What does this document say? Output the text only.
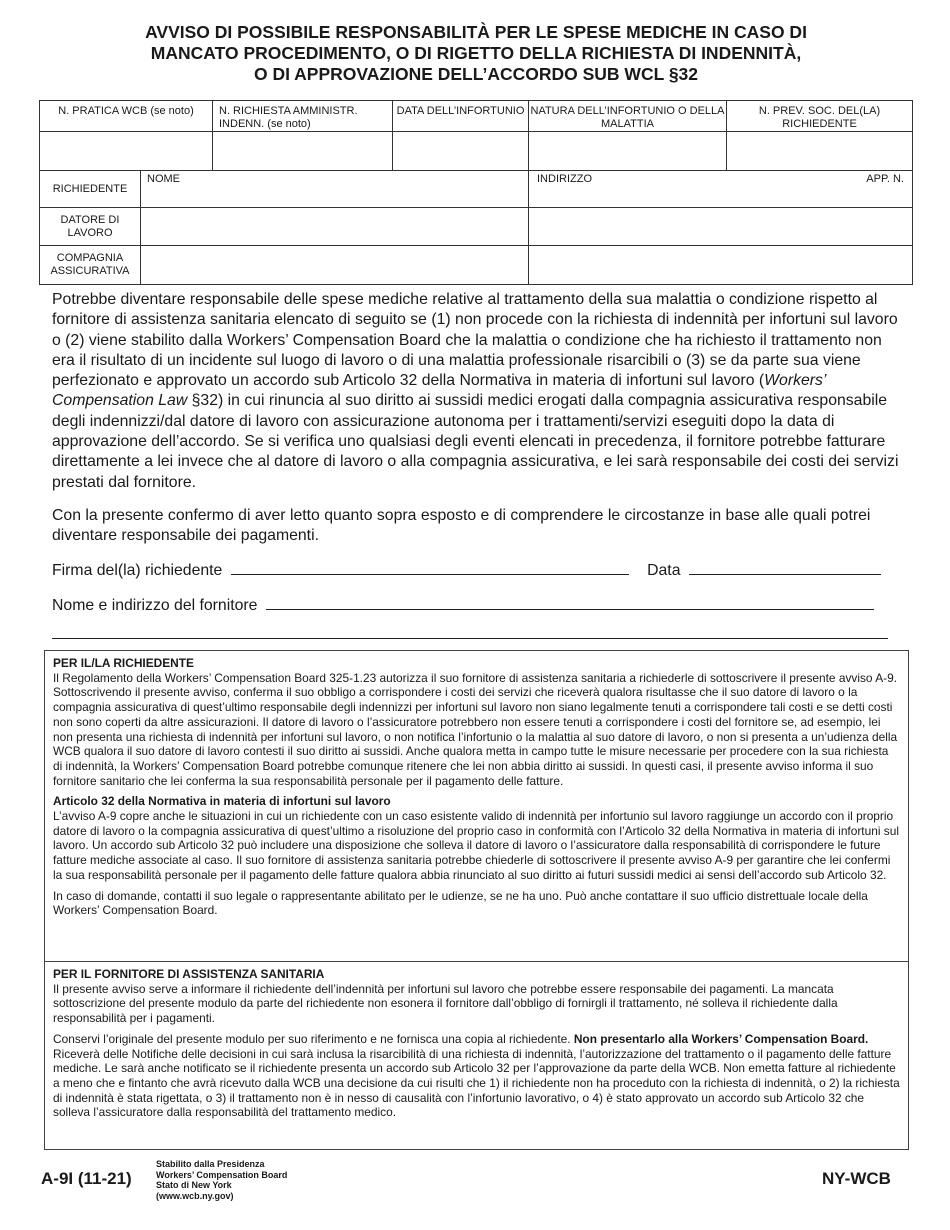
AVVISO DI POSSIBILE RESPONSABILITÀ PER LE SPESE MEDICHE IN CASO DI
MANCATO PROCEDIMENTO, O DI RIGETTO DELLA RICHIESTA DI INDENNITÀ,
O DI APPROVAZIONE DELL’ACCORDO SUB WCL §32
N. PRATICA WCB (se noto)		N. RICHIESTA AMMINISTR. INDENN. (se noto)	DATA DELL’INFORTUNIO	NATURA DELL’INFORTUNIO O DELLA MALATTIA	N. PREV. SOC. DEL(LA) RICHIEDENTE

RICHIEDENTE	NOME			INDIRIZZO APP. N.	

DATORE DI LAVORO					
COMPAGNIA ASSICURATIVA					
Potrebbe diventare responsabile delle spese mediche relative al trattamento della sua malattia o condizione rispetto al fornitore di assistenza sanitaria elencato di seguito se (1) non procede con la richiesta di indennità per infortuni sul lavoro o (2) viene stabilito dalla Workers’ Compensation Board che la malattia o condizione che ha richiesto il trattamento non era il risultato di un incidente sul luogo di lavoro o di una malattia professionale risarcibili o (3) se da parte sua viene perfezionato e approvato un accordo sub Articolo 32 della Normativa in materia di infortuni sul lavoro (Workers’ Compensation Law §32) in cui rinuncia al suo diritto ai sussidi medici erogati dalla compagnia assicurativa responsabile degli indennizzi/dal datore di lavoro con assicurazione autonoma per i trattamenti/servizi eseguiti dopo la data di approvazione dell’accordo. Se si verifica uno qualsiasi degli eventi elencati in precedenza, il fornitore potrebbe fatturare direttamente a lei invece che al datore di lavoro o alla compagnia assicurativa, e lei sarà responsabile dei costi dei servizi prestati dal fornitore.
Con la presente confermo di aver letto quanto sopra esposto e di comprendere le circostanze in base alle quali potrei diventare responsabile dei pagamenti.
Firma del(la) richiedente	Data
Nome e indirizzo del fornitore

PER IL/LA RICHIEDENTE

Il Regolamento della Workers’ Compensation Board 325-1.23 autorizza il suo fornitore di assistenza sanitaria a richiederle di sottoscrivere il presente avviso A-9. Sottoscrivendo il presente avviso, conferma il suo obbligo a corrispondere i costi dei servizi che riceverà qualora risultasse che il suo datore di lavoro o la compagnia assicurativa di quest’ultimo responsabile degli indennizzi per infortuni sul lavoro non siano legalmente tenuti a corrispondere tali costi e se detti costi non sono coperti da altre assicurazioni. Il datore di lavoro o l’assicuratore potrebbero non essere tenuti a corrispondere i costi del fornitore se, ad esempio, lei non presenta una richiesta di indennità per infortuni sul lavoro, o non notifica l’infortunio o la malattia al suo datore di lavoro, o non si presenta a un’udienza della WCB qualora il suo datore di lavoro contesti il suo diritto ai sussidi. Anche qualora metta in campo tutte le misure necessarie per procedere con la sua richiesta di indennità, la Workers’ Compensation Board potrebbe comunque ritenere che lei non abbia diritto ai sussidi. In questi casi, il presente avviso informa il suo fornitore sanitario che lei conferma la sua responsabilità personale per il pagamento delle fatture.

Articolo 32 della Normativa in materia di infortuni sul lavoro

L’avviso A-9 copre anche le situazioni in cui un richiedente con un caso esistente valido di indennità per infortunio sul lavoro raggiunge un accordo con il proprio datore di lavoro o la compagnia assicurativa di quest’ultimo a risoluzione del proprio caso in conformità con l’Articolo 32 della Normativa in materia di infortuni sul lavoro. Un accordo sub Articolo 32 può includere una disposizione che solleva il datore di lavoro o l’assicuratore dalla responsabilità di corrispondere le future fatture mediche associate al caso. Il suo fornitore di assistenza sanitaria potrebbe chiederle di sottoscrivere il presente avviso A-9 per garantire che lei confermi la sua responsabilità personale per il pagamento delle fatture qualora abbia rinunciato al suo diritto ai futuri sussidi medici ai sensi dell’accordo sub Articolo 32.

In caso di domande, contatti il suo legale o rappresentante abilitato per le udienze, se ne ha uno. Può anche contattare il suo ufficio distrettuale locale della Workers’ Compensation Board.

PER IL FORNITORE DI ASSISTENZA SANITARIA

Il presente avviso serve a informare il richiedente dell’indennità per infortuni sul lavoro che potrebbe essere responsabile dei pagamenti. La mancata sottoscrizione del presente modulo da parte del richiedente non esonera il fornitore dall’obbligo di fornirgli il trattamento, né solleva il richiedente dalla responsabilità per i pagamenti.

Conservi l’originale del presente modulo per suo riferimento e ne fornisca una copia al richiedente. Non presentarlo alla Workers’ Compensation Board. Riceverà delle Notifiche delle decisioni in cui sarà inclusa la risarcibilità di una richiesta di indennità, l’autorizzazione del trattamento o il pagamento delle fatture mediche. Le sarà anche notificato se il richiedente presenta un accordo sub Articolo 32 per l’approvazione da parte della WCB. Non emetta fatture al richiedente a meno che e fintanto che avrà ricevuto dalla WCB una decisione da cui risulti che 1) il richiedente non ha proceduto con la richiesta di indennità, o 2) la richiesta di indennità è stata rigettata, o 3) il trattamento non è in nesso di causalità con l’infortunio lavorativo, o 4) è stato approvato un accordo sub Articolo 32 che solleva l’assicuratore dalla responsabilità del trattamento medico.

A-9I (11-21)
Stabilito dalla Presidenza
Workers’ Compensation Board
Stato di New York
(www.wcb.ny.gov)
NY-WCB
